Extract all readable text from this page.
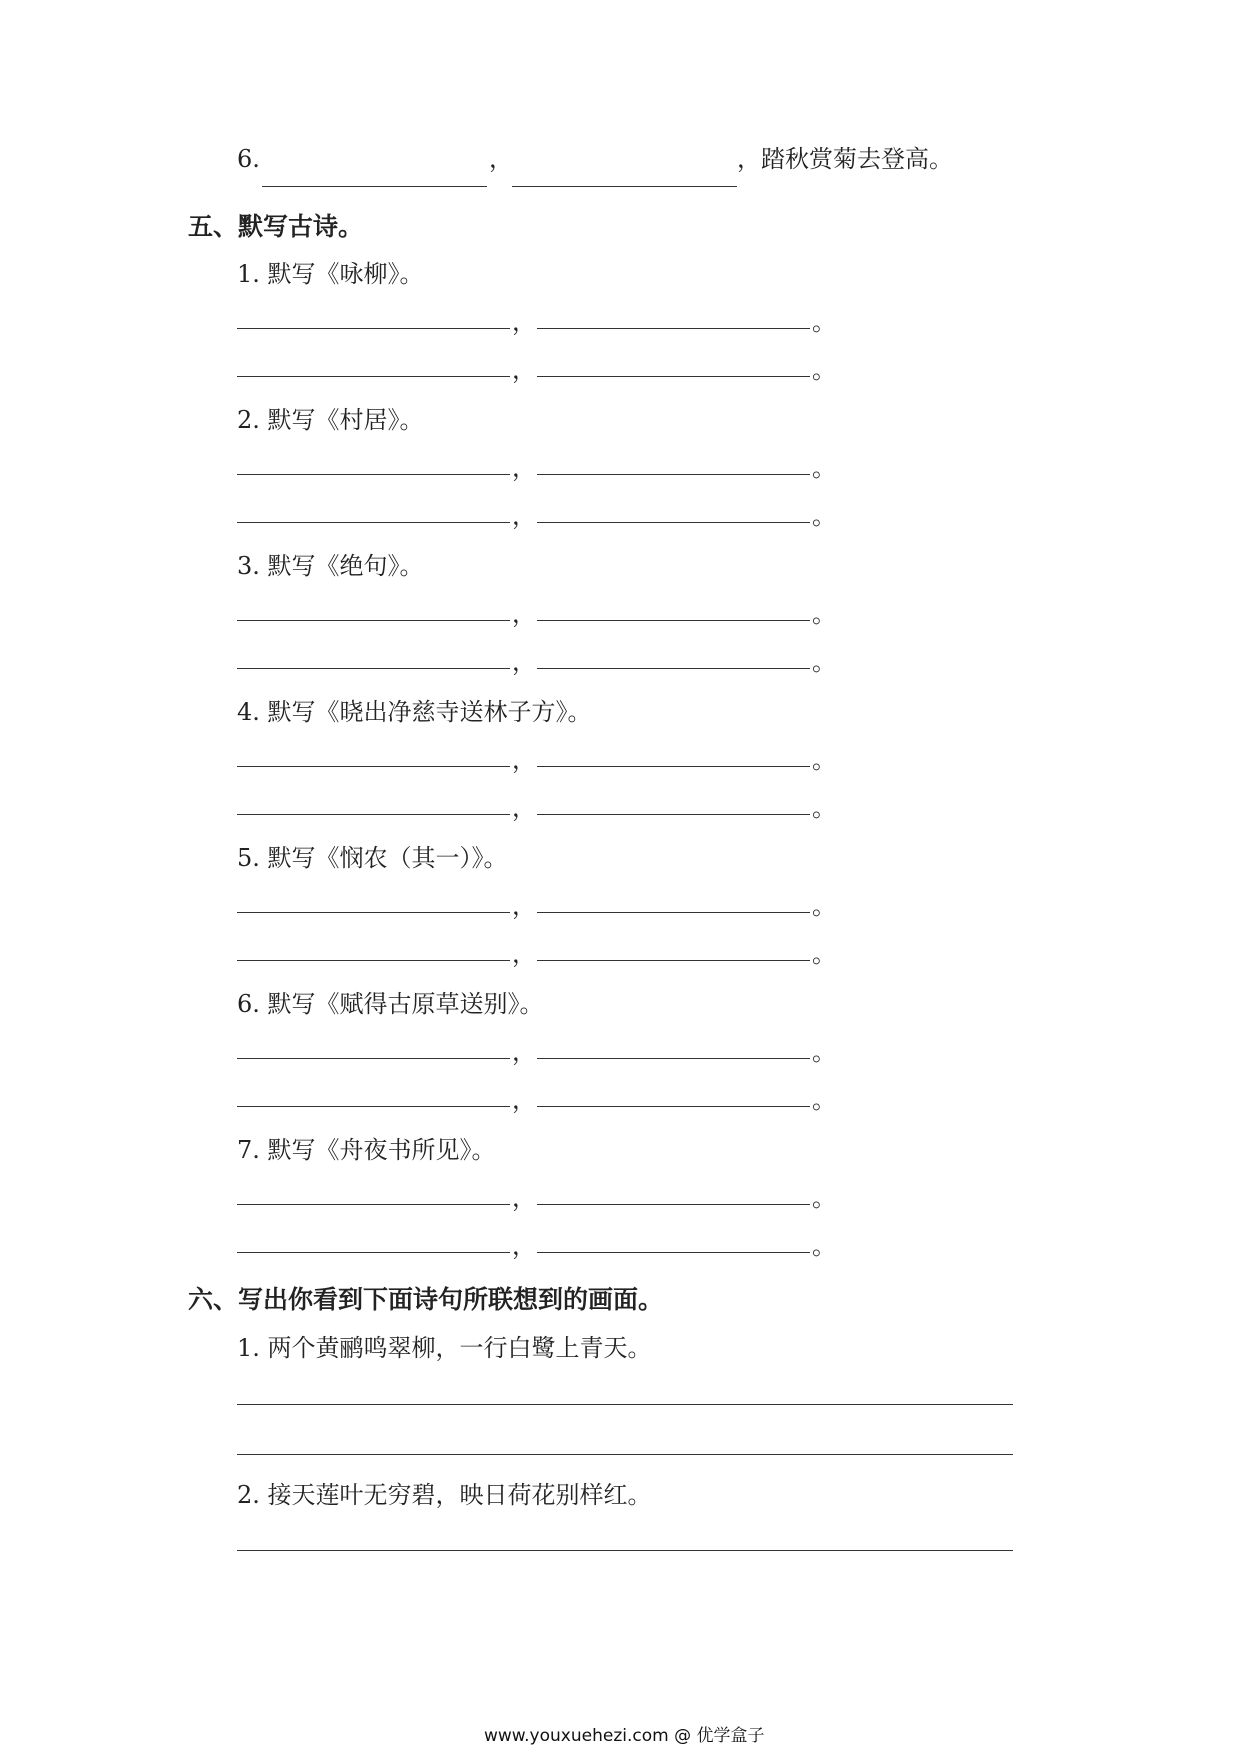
6.	，	，踏秋赏菊去登高。
五、默写古诗。
1. 默写《咏柳》。
，	。
，	。
2. 默写《村居》。
，	。
，	。
3. 默写《绝句》。
，	。
，	。
4. 默写《晓出净慈寺送林子方》。
，	。
，	。
5. 默写《悯农（其一）》。
，	。
，	。
6. 默写《赋得古原草送别》。
，	。
，	。
7. 默写《舟夜书所见》。
，	。
，	。
六、写出你看到下面诗句所联想到的画面。
1. 两个黄鹂鸣翠柳，一行白鹭上青天。
2. 接天莲叶无穷碧，映日荷花别样红。
www.youxuehezi.com @ 优学盒子
